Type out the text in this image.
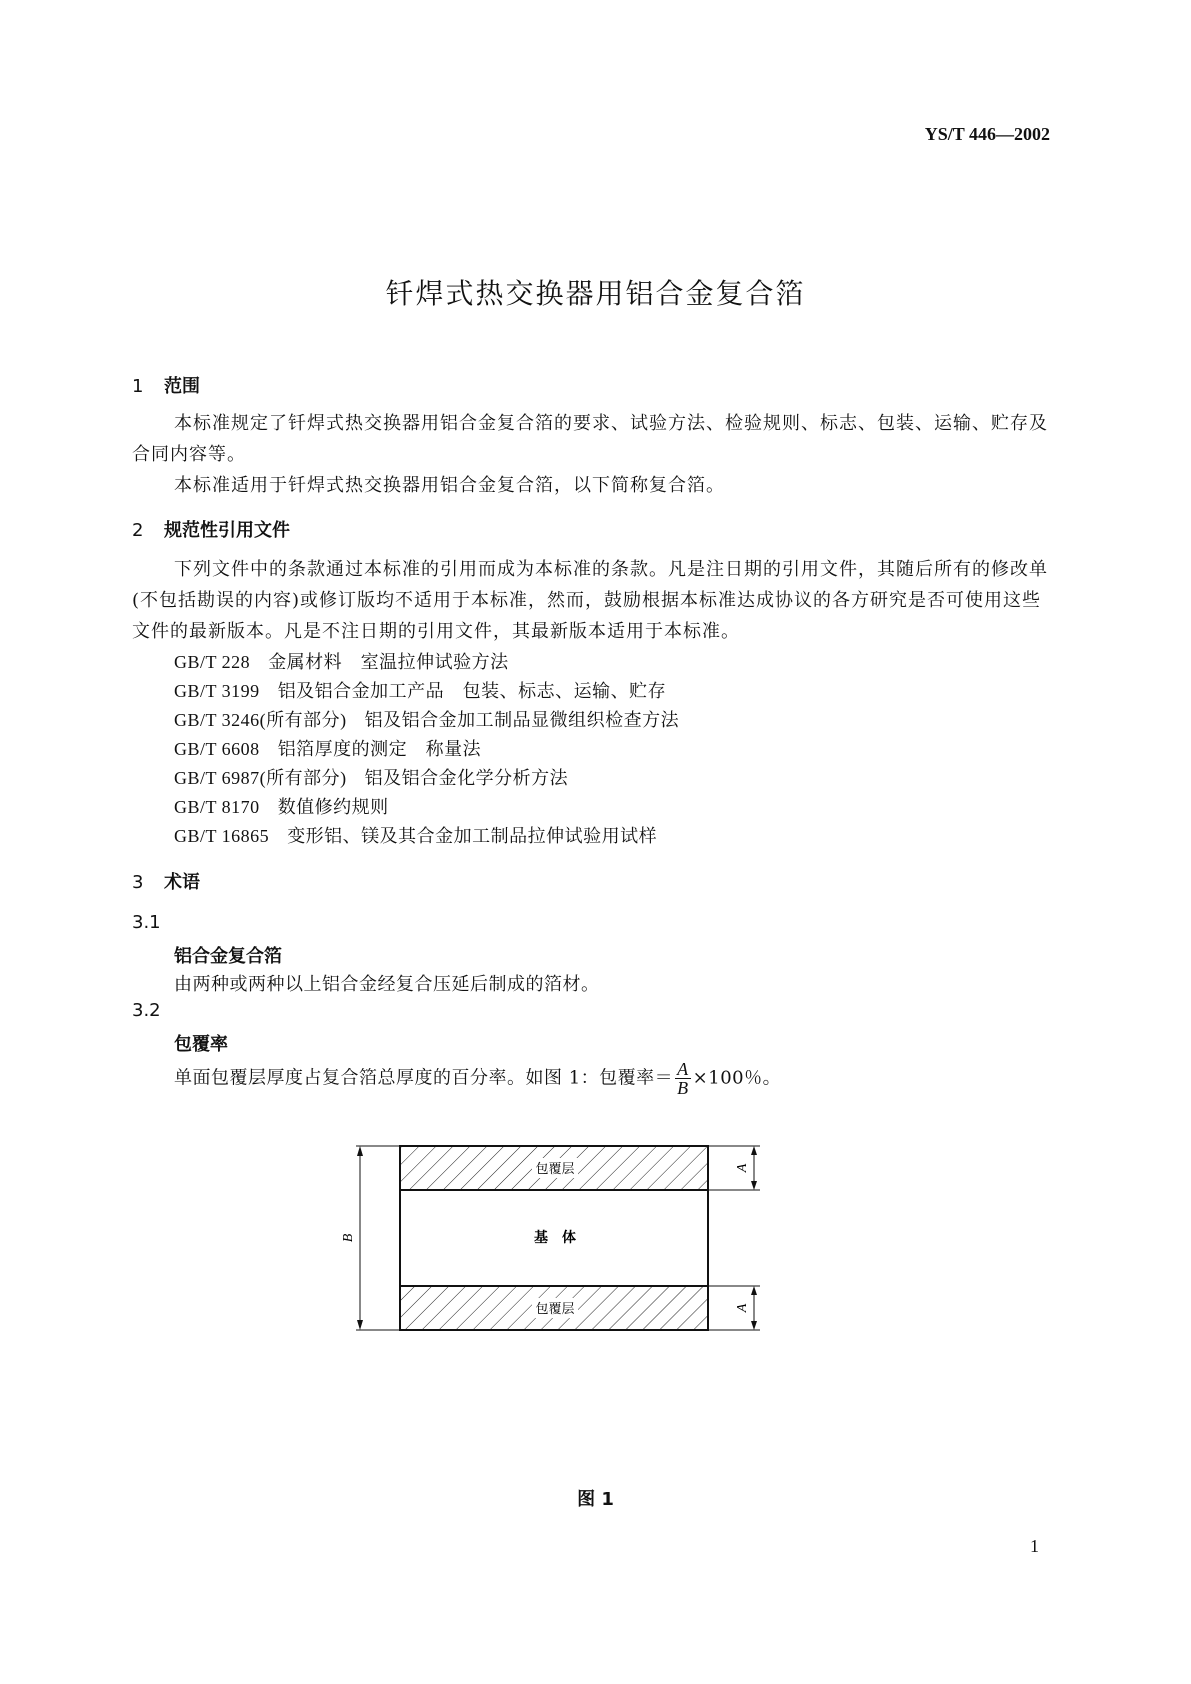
YS/T 446—2002
钎焊式热交换器用铝合金复合箔
1 范围
本标准规定了钎焊式热交换器用铝合金复合箔的要求、试验方法、检验规则、标志、包装、运输、贮存及合同内容等。
本标准适用于钎焊式热交换器用铝合金复合箔，以下简称复合箔。
2 规范性引用文件
下列文件中的条款通过本标准的引用而成为本标准的条款。凡是注日期的引用文件，其随后所有的修改单(不包括勘误的内容)或修订版均不适用于本标准，然而，鼓励根据本标准达成协议的各方研究是否可使用这些文件的最新版本。凡是不注日期的引用文件，其最新版本适用于本标准。
GB/T 228 金属材料　室温拉伸试验方法
GB/T 3199 铝及铝合金加工产品　包装、标志、运输、贮存
GB/T 3246(所有部分) 铝及铝合金加工制品显微组织检查方法
GB/T 6608 铝箔厚度的测定　称量法
GB/T 6987(所有部分) 铝及铝合金化学分析方法
GB/T 8170 数值修约规则
GB/T 16865 变形铝、镁及其合金加工制品拉伸试验用试样
3 术语
3.1
铝合金复合箔
由两种或两种以上铝合金经复合压延后制成的箔材。
3.2
包覆率
单面包覆层厚度占复合箔总厚度的百分率。如图 1：包覆率＝ $\frac{A}{B} \times 100$％。
包覆层
基　体
包覆层
B
A
A
图 1
1
